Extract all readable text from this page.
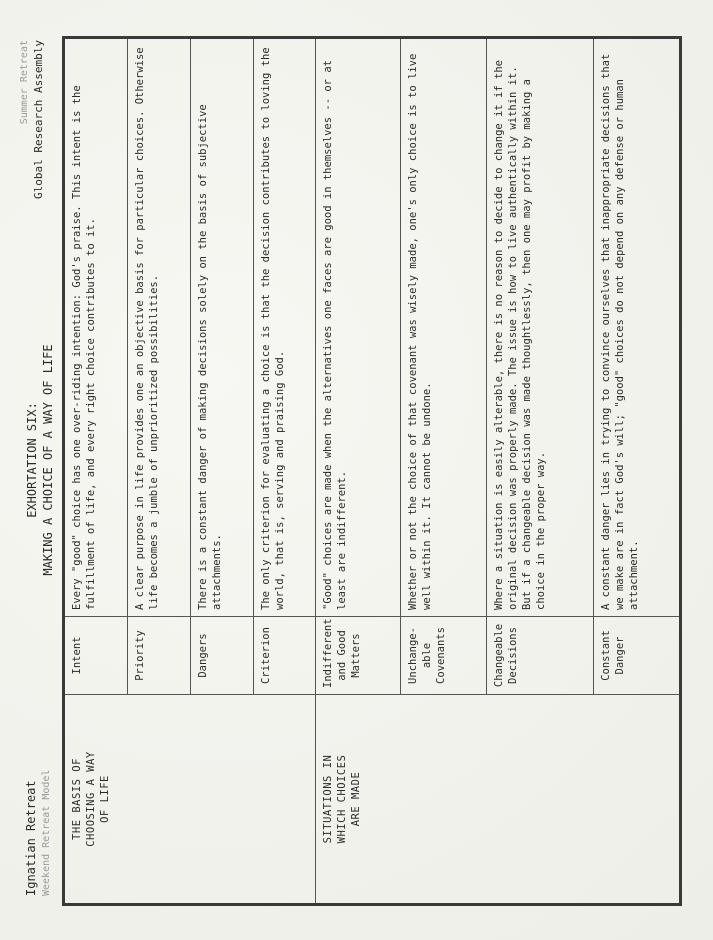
Ignatian Retreat Weekend Retreat Model
EXHORTATION SIX: MAKING A CHOICE OF A WAY OF LIFE
Summer Retreat Global Research Assembly
THE BASIS OF CHOOSING A WAY OF LIFE	Intent	Every "good" choice has one over-riding intention: God's praise. This intent is the fulfillment of life, and every right choice contributes to it.
	Priority	A clear purpose in life provides one an objective basis for particular choices. Otherwise life becomes a jumble of unprioritized possibilities.
	Dangers	There is a constant danger of making decisions solely on the basis of subjective attachments.
	Criterion	The only criterion for evaluating a choice is that the decision contributes to loving the world, that is, serving and praising God.

SITUATIONS IN WHICH CHOICES ARE MADE	Indifferent and Good Matters	"Good" choices are made when the alternatives one faces are good in themselves -- or at least are indifferent.
	Unchange-able Covenants	Whether or not the choice of that covenant was wisely made, one's only choice is to live well within it. It cannot be undone.
	Changeable Decisions	Where a situation is easily alterable, there is no reason to decide to change it if the original decision was properly made. The issue is how to live authentically within it. But if a changeable decision was made thoughtlessly, then one may profit by making a choice in the proper way.
	Constant Danger	A constant danger lies in trying to convince ourselves that inappropriate decisions that we make are in fact God's will; "good" choices do not depend on any defense or human attachment.
